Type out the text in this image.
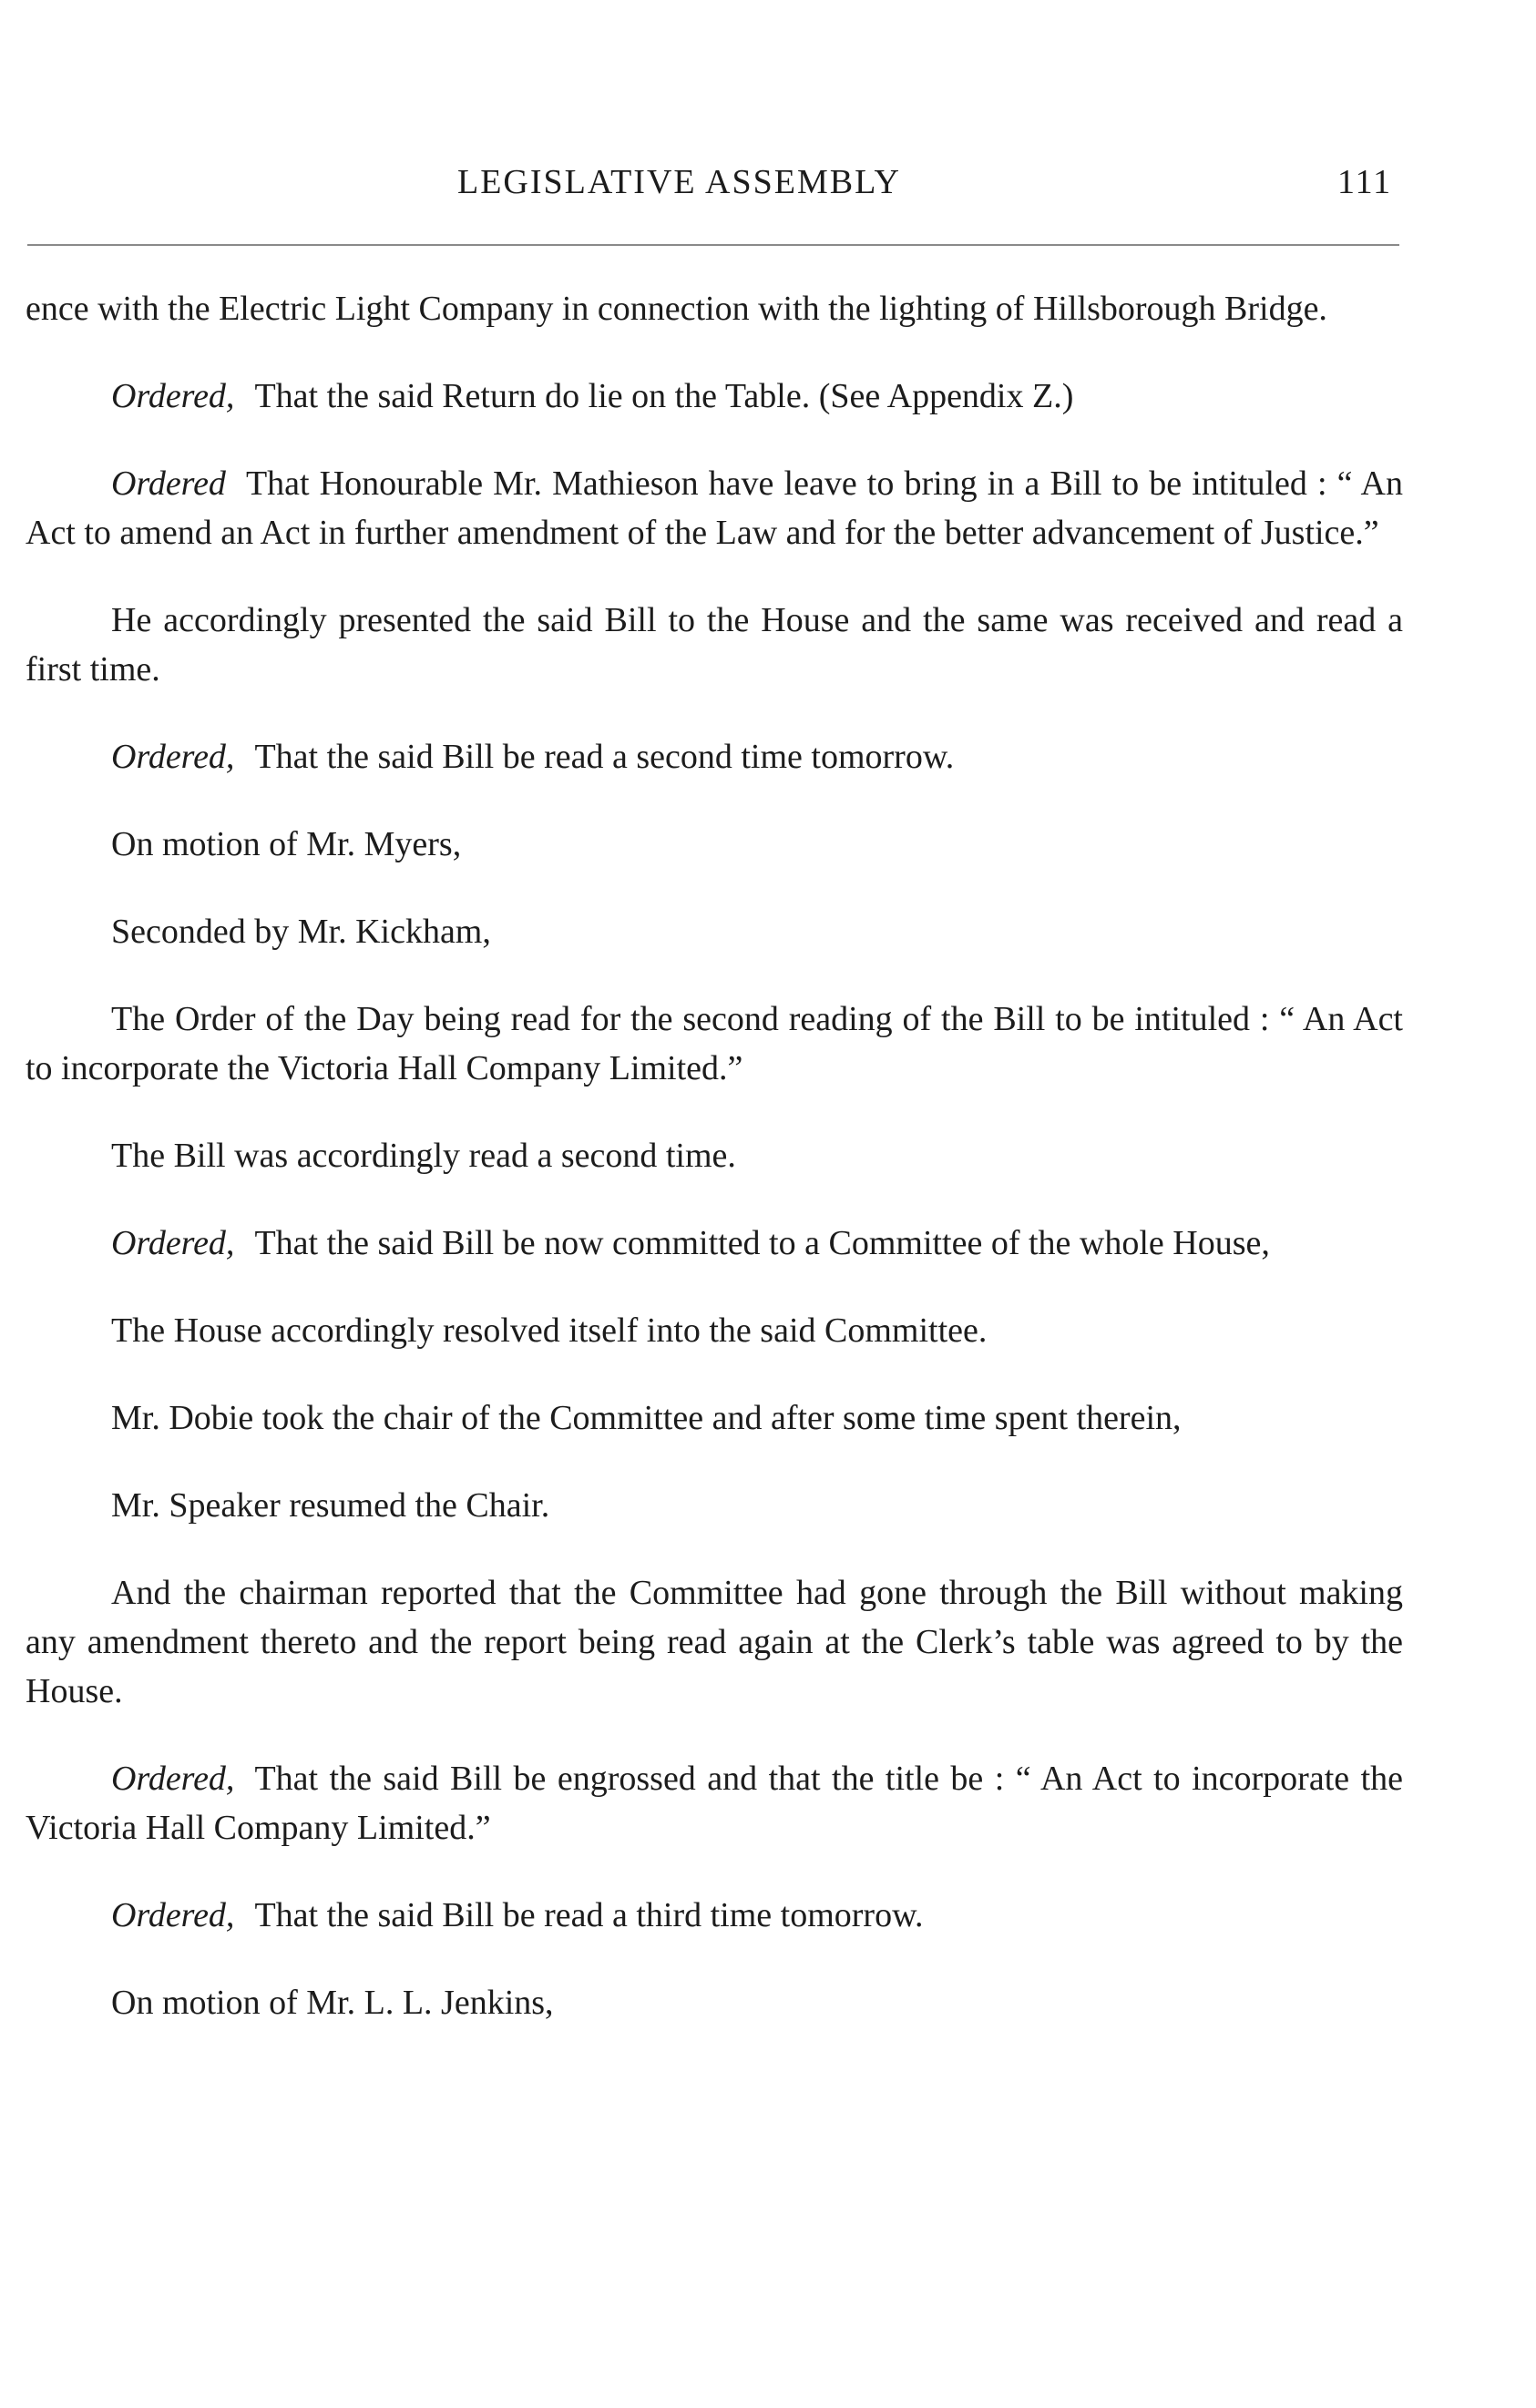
LEGISLATIVE ASSEMBLY	111

ence with the Electric Light Company in connection with the lighting of Hillsborough Bridge.

Ordered, That the said Return do lie on the Table. (See Appendix Z.)

Ordered That Honourable Mr. Mathieson have leave to bring in a Bill to be intituled : “ An Act to amend an Act in further amendment of the Law and for the better advancement of Justice.”

He accordingly presented the said Bill to the House and the same was received and read a first time.

Ordered, That the said Bill be read a second time tomorrow.

On motion of Mr. Myers,

Seconded by Mr. Kickham,

The Order of the Day being read for the second reading of the Bill to be intituled : “ An Act to incorporate the Victoria Hall Company Limited.”

The Bill was accordingly read a second time.

Ordered, That the said Bill be now committed to a Committee of the whole House,

The House accordingly resolved itself into the said Committee.

Mr. Dobie took the chair of the Committee and after some time spent therein,

Mr. Speaker resumed the Chair.

And the chairman reported that the Committee had gone through the Bill without making any amendment thereto and the report being read again at the Clerk’s table was agreed to by the House.

Ordered, That the said Bill be engrossed and that the title be : “ An Act to incorporate the Victoria Hall Company Limited.”

Ordered, That the said Bill be read a third time tomorrow.

On motion of Mr. L. L. Jenkins,
